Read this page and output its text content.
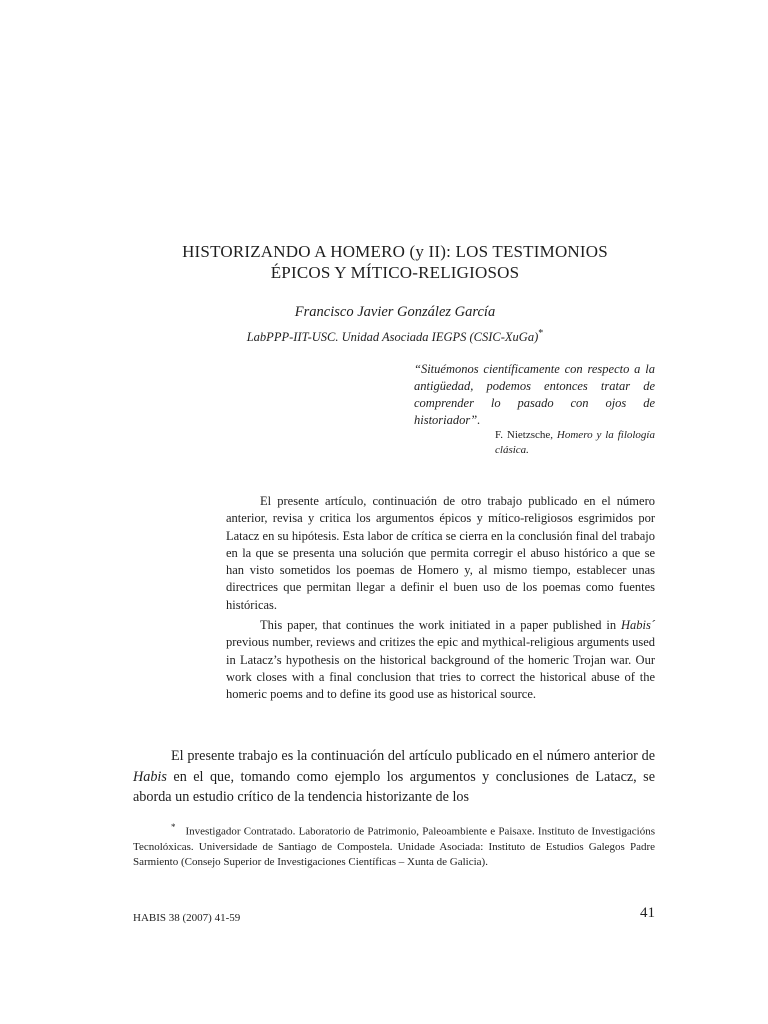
HISTORIZANDO A HOMERO (y II): LOS TESTIMONIOS
ÉPICOS Y MÍTICO-RELIGIOSOS
Francisco Javier González García
LabPPP-IIT-USC. Unidad Asociada IEGPS (CSIC-XuGa)*
“Situémonos científicamente con respecto a la antigüedad, podemos entonces tratar de comprender lo pasado con ojos de historiador”.
F. Nietzsche, Homero y la filología clásica.

El presente artículo, continuación de otro trabajo publicado en el número anterior, revisa y critica los argumentos épicos y mítico-religiosos esgrimidos por Latacz en su hipótesis. Esta labor de crítica se cierra en la conclusión final del trabajo en la que se presenta una solución que permita corregir el abuso histórico a que se han visto sometidos los poemas de Homero y, al mismo tiempo, establecer unas directrices que permitan llegar a definir el buen uso de los poemas como fuentes históricas.

This paper, that continues the work initiated in a paper published in Habis´ previous number, reviews and critizes the epic and mythical-religious arguments used in Latacz’s hypothesis on the historical background of the homeric Trojan war. Our work closes with a final conclusion that tries to correct the historical abuse of the homeric poems and to define its good use as historical source.

El presente trabajo es la continuación del artículo publicado en el número anterior de Habis en el que, tomando como ejemplo los argumentos y conclusiones de Latacz, se aborda un estudio crítico de la tendencia historizante de los

* Investigador Contratado. Laboratorio de Patrimonio, Paleoambiente e Paisaxe. Instituto de Investigacións Tecnolóxicas. Universidade de Santiago de Compostela. Unidade Asociada: Instituto de Estudios Galegos Padre Sarmiento (Consejo Superior de Investigaciones Científicas – Xunta de Galicia).

HABIS 38 (2007) 41-59	41
